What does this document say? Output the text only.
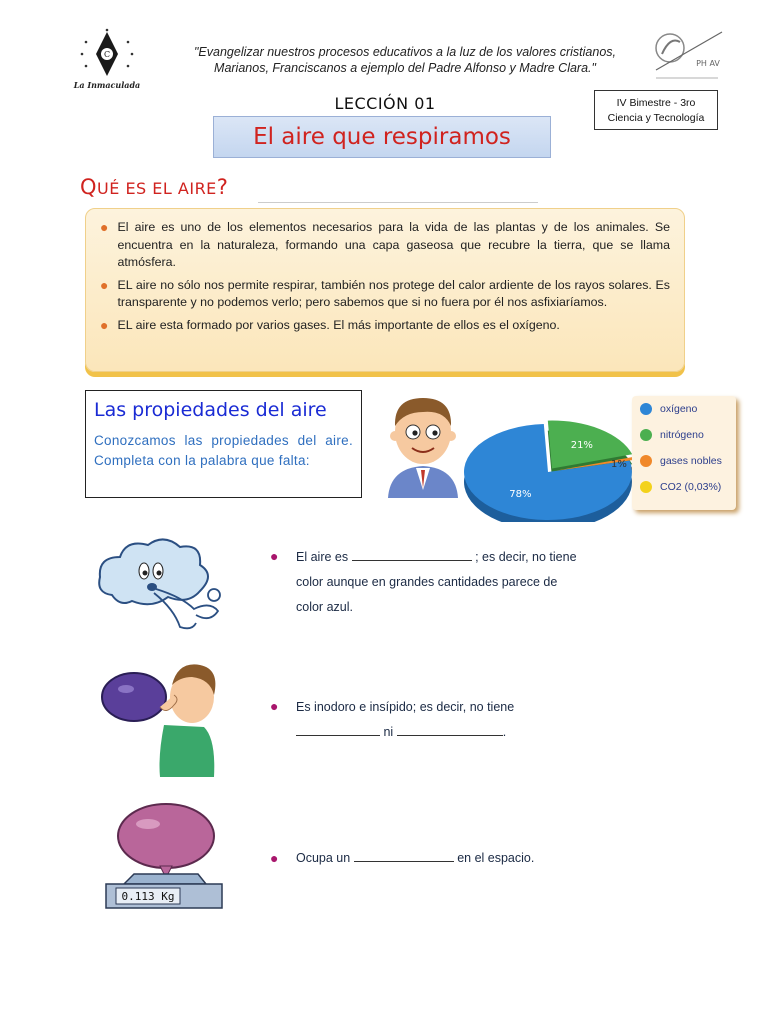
C
La Inmaculada
"Evangelizar nuestros procesos educativos a la luz de los valores cristianos, Marianos, Franciscanos a ejemplo del Padre Alfonso y Madre Clara."	PH AV
LECCIÓN 01	IV Bimestre - 3ro
Ciencia y Tecnología
El aire que respiramos
QUÉ ES EL AIRE?
● El aire es uno de los elementos necesarios para la vida de las plantas y de los animales. Se encuentra en la naturaleza, formando una capa gaseosa que recubre la tierra, que se llama atmósfera.
● EL aire no sólo nos permite respirar, también nos protege del calor ardiente de los rayos solares. Es transparente y no podemos verlo; pero sabemos que si no fuera por él nos asfixiaríamos.
● EL aire esta formado por varios gases. El más importante de ellos es el oxígeno.
Las propiedades del aire
Conozcamos las propiedades del aire. Completa con la palabra que falta:
21%
1%
78%
oxígeno
nitrógeno
gases nobles
CO2 (0,03%)
●	El aire es	; es decir, no tiene color aunque en grandes cantidades parece de color azul.
●	Es inodoro e insípido; es decir, no tiene
ni	.
0.113 Kg
●	Ocupa un	en el espacio.
